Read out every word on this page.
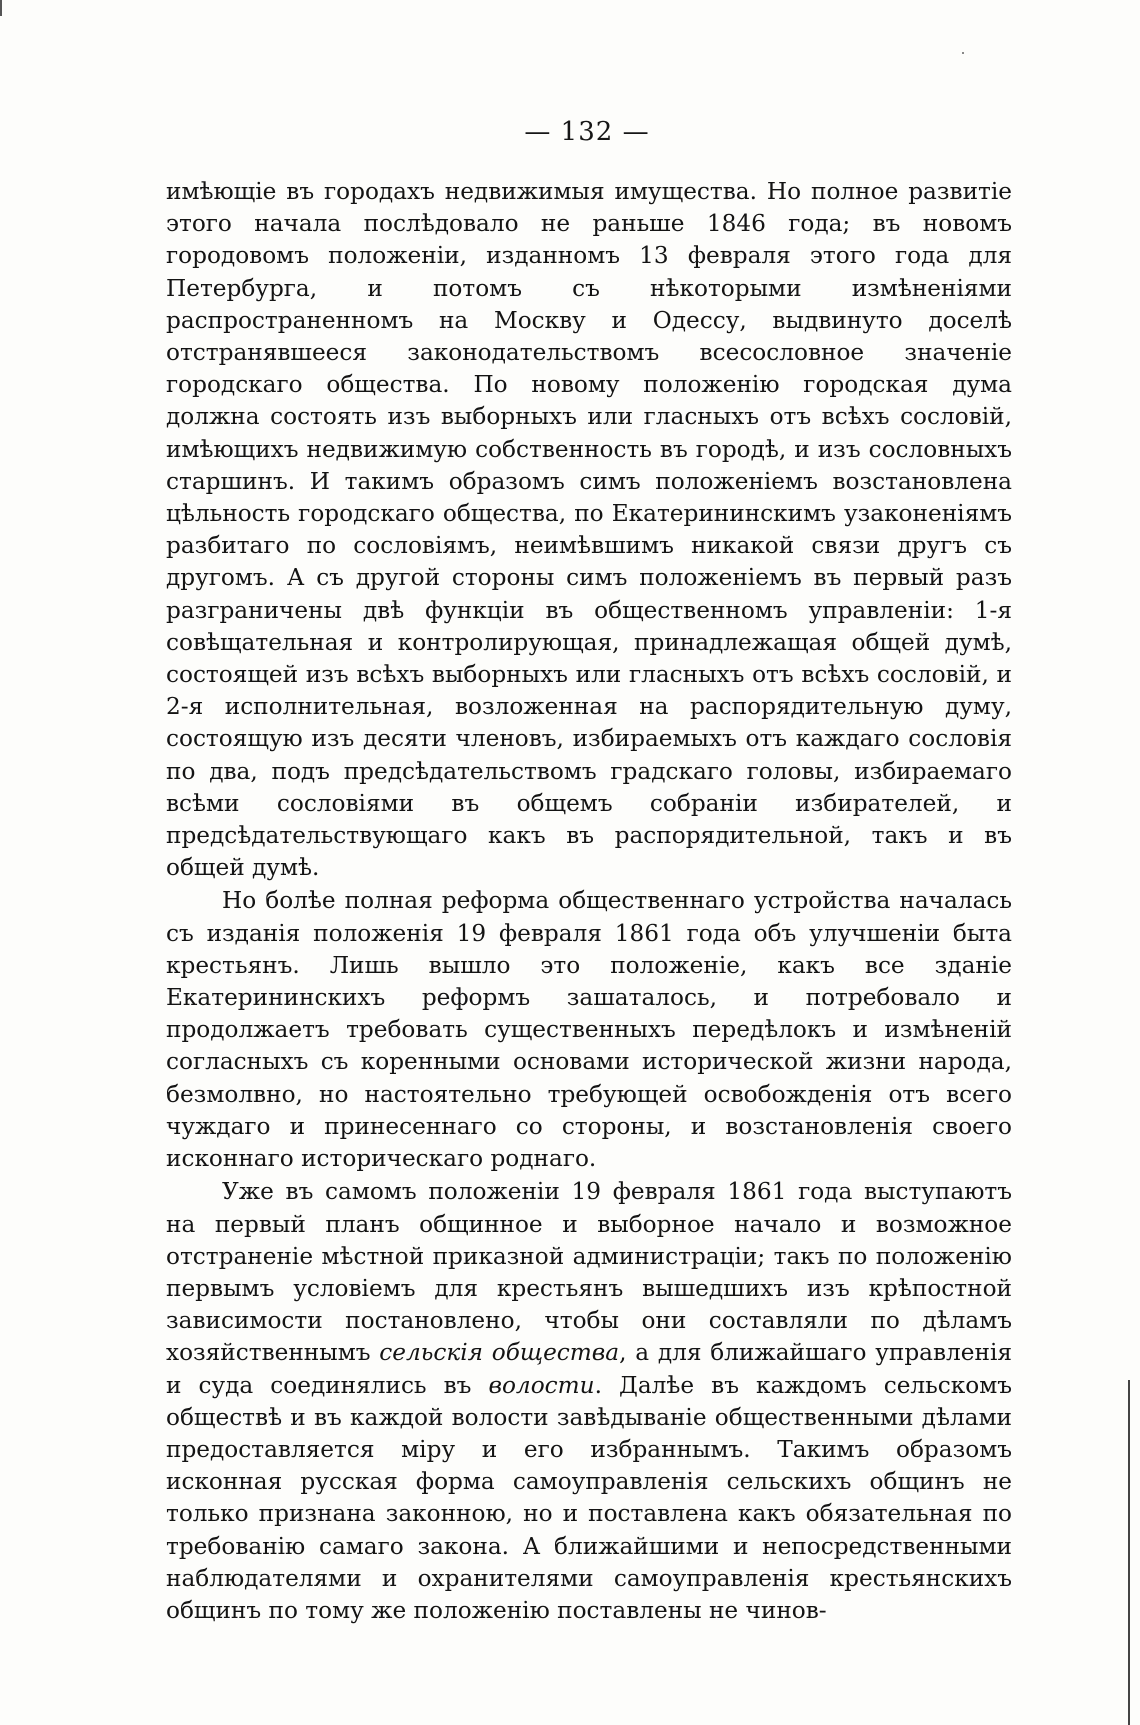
— 132 —

имѣющіе въ городахъ недвижимыя имущества. Но полное развитіе этого начала послѣдовало не раньше 1846 года; въ новомъ городовомъ положеніи, изданномъ 13 февраля этого года для Петербурга, и потомъ съ нѣкоторыми измѣненіями распространенномъ на Москву и Одессу, выдвинуто доселѣ отстранявшееся законодательствомъ всесословное значеніе городскаго общества. По новому положенію городская дума должна состоять изъ выборныхъ или гласныхъ отъ всѣхъ сословій, имѣющихъ недвижимую собственность въ городѣ, и изъ сословныхъ старшинъ. И такимъ образомъ симъ положеніемъ возстановлена цѣльность городскаго общества, по Екатерининскимъ узаконеніямъ разбитаго по сословіямъ, неимѣвшимъ никакой связи другъ съ другомъ. А съ другой стороны симъ положеніемъ въ первый разъ разграничены двѣ функціи въ общественномъ управленіи: 1-я совѣщательная и контролирующая, принадлежащая общей думѣ, состоящей изъ всѣхъ выборныхъ или гласныхъ отъ всѣхъ сословій, и 2-я исполнительная, возложенная на распорядительную думу, состоящую изъ десяти членовъ, избираемыхъ отъ каждаго сословія по два, подъ предсѣдательствомъ градскаго головы, избираемаго всѣми сословіями въ общемъ собраніи избирателей, и предсѣдательствующаго какъ въ распорядительной, такъ и въ общей думѣ.

Но болѣе полная реформа общественнаго устройства началась съ изданія положенія 19 февраля 1861 года объ улучшеніи быта крестьянъ. Лишь вышло это положеніе, какъ все зданіе Екатерининскихъ реформъ зашаталось, и потребовало и продолжаетъ требовать существенныхъ передѣлокъ и измѣненій согласныхъ съ коренными основами исторической жизни народа, безмолвно, но настоятельно требующей освобожденія отъ всего чуждаго и принесеннаго со стороны, и возстановленія своего исконнаго историческаго роднаго.

Уже въ самомъ положеніи 19 февраля 1861 года выступаютъ на первый планъ общинное и выборное начало и возможное отстраненіе мѣстной приказной администраціи; такъ по положенію первымъ условіемъ для крестьянъ вышедшихъ изъ крѣпостной зависимости постановлено, чтобы они составляли по дѣламъ хозяйственнымъ сельскія общества, а для ближайшаго управленія и суда соединялись въ волости. Далѣе въ каждомъ сельскомъ обществѣ и въ каждой волости завѣдываніе общественными дѣлами предоставляется міру и его избраннымъ. Такимъ образомъ исконная русская форма самоуправленія сельскихъ общинъ не только признана законною, но и поставлена какъ обязательная по требованію самаго закона. А ближайшими и непосредственными наблюдателями и охранителями самоуправленія крестьянскихъ общинъ по тому же положенію поставлены не чинов-
